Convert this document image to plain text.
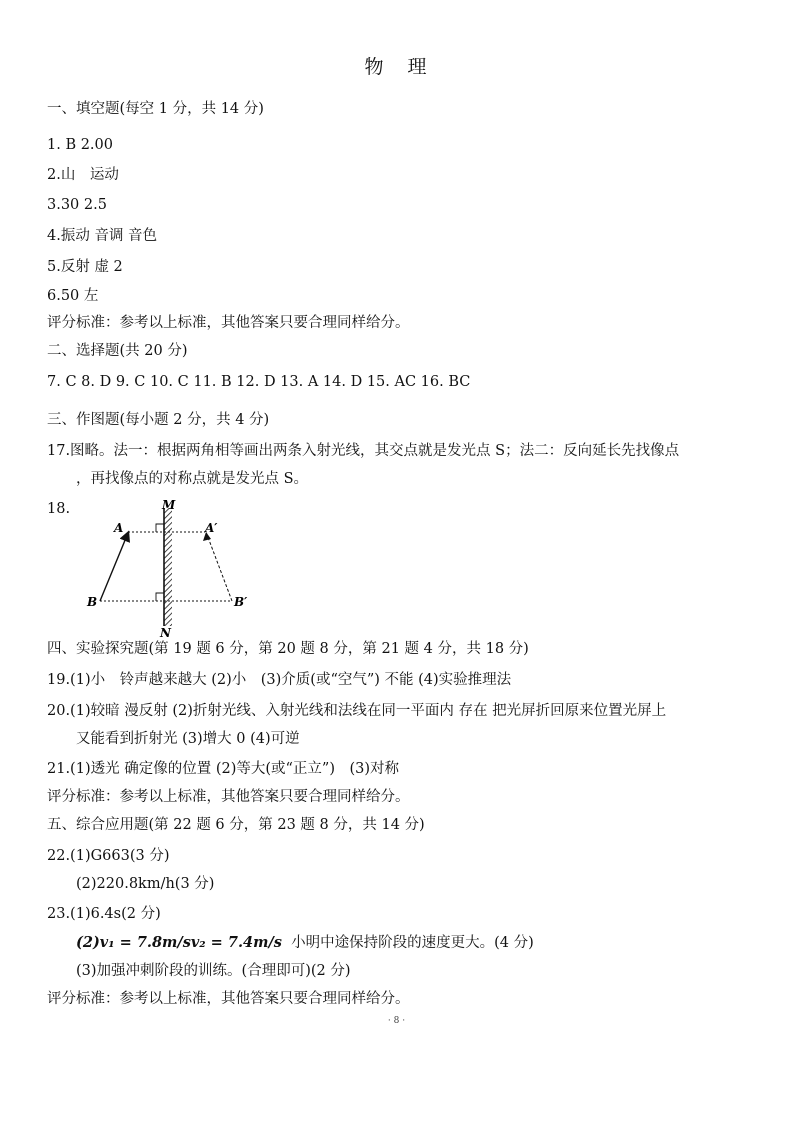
物 理
一、填空题(每空 1 分，共 14 分)
1. B 2.00
2.山　运动
3.30 2.5
4.振动 音调 音色
5.反射 虚 2
6.50 左
评分标准：参考以上标准，其他答案只要合理同样给分。
二、选择题(共 20 分)
7. C 8. D 9. C 10. C 11. B 12. D 13. A 14. D 15. AC 16. BC
三、作图题(每小题 2 分，共 4 分)
17.图略。法一：根据两角相等画出两条入射光线，其交点就是发光点 S；法二：反向延长先找像点
，再找像点的对称点就是发光点 S。
18.	M
N
A	A′
B	B′
四、实验探究题(第 19 题 6 分，第 20 题 8 分，第 21 题 4 分，共 18 分)
19.(1)小　铃声越来越大 (2)小　(3)介质(或“空气”) 不能 (4)实验推理法
20.(1)较暗 漫反射 (2)折射光线、入射光线和法线在同一平面内 存在 把光屏折回原来位置光屏上
又能看到折射光 (3)增大 0 (4)可逆
21.(1)透光 确定像的位置 (2)等大(或“正立”)　(3)对称
评分标准：参考以上标准，其他答案只要合理同样给分。
五、综合应用题(第 22 题 6 分，第 23 题 8 分，共 14 分)
22.(1)G663(3 分)
(2)220.8km/h(3 分)
23.(1)6.4s(2 分)
(2)v₁ = 7.8m/sv₂ = 7.4m/s 小明中途保持阶段的速度更大。(4 分)
(3)加强冲刺阶段的训练。(合理即可)(2 分)
评分标准：参考以上标准，其他答案只要合理同样给分。
· 8 ·
